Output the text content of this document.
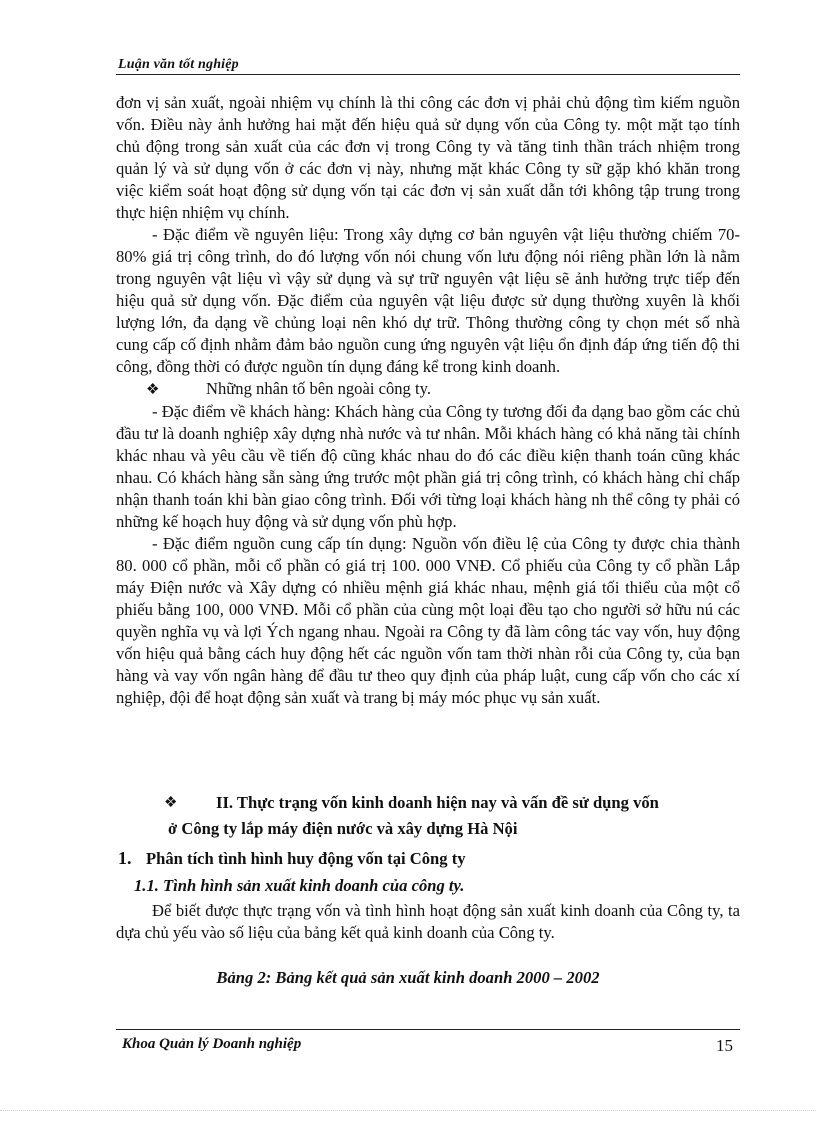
Luận văn tốt nghiệp

đơn vị sản xuất, ngoài nhiệm vụ chính là thi công các đơn vị phải chủ động tìm kiếm nguồn vốn. Điều này ảnh hưởng hai mặt đến hiệu quả sử dụng vốn của Công ty. một mặt tạo tính chủ động trong sản xuất của các đơn vị trong Công ty và tăng tinh thần trách nhiệm trong quản lý và sử dụng vốn ở các đơn vị này, nhưng mặt khác Công ty sữ gặp khó khăn trong việc kiểm soát hoạt động sử dụng vốn tại các đơn vị sản xuất dẫn tới không tập trung trong thực hiện nhiệm vụ chính.

- Đặc điểm về nguyên liệu: Trong xây dựng cơ bản nguyên vật liệu thường chiếm 70-80% giá trị công trình, do đó lượng vốn nói chung vốn lưu động nói riêng phần lớn là nằm trong nguyên vật liệu vì vậy sử dụng và sự trữ nguyên vật liệu sẽ ảnh hưởng trực tiếp đến hiệu quả sử dụng vốn. Đặc điểm của nguyên vật liệu được sử dụng thường xuyên là khối lượng lớn, đa dạng về chủng loại nên khó dự trữ. Thông thường công ty chọn mét số nhà cung cấp cố định nhằm đảm bảo nguồn cung ứng nguyên vật liệu ổn định đáp ứng tiến độ thi công, đồng thời có được nguồn tín dụng đáng kể trong kinh doanh.

❖	Những nhân tố bên ngoài công ty.

- Đặc điểm về khách hàng: Khách hàng của Công ty tương đối đa dạng bao gồm các chủ đầu tư là doanh nghiệp xây dựng nhà nước và tư nhân. Mỗi khách hàng có khả năng tài chính khác nhau và yêu cầu về tiến độ cũng khác nhau do đó các điều kiện thanh toán cũng khác nhau. Có khách hàng sẵn sàng ứng trước một phần giá trị công trình, có khách hàng chỉ chấp nhận thanh toán khi bàn giao công trình. Đối với từng loại khách hàng nh thể công ty phải có những kế hoạch huy động và sử dụng vốn phù hợp.

- Đặc điểm nguồn cung cấp tín dụng: Nguồn vốn điều lệ của Công ty được chia thành 80. 000 cổ phần, mỗi cổ phần có giá trị 100. 000 VNĐ. Cổ phiếu của Công ty cổ phần Lắp máy Điện nước và Xây dựng có nhiều mệnh giá khác nhau, mệnh giá tối thiểu của một cổ phiếu bằng 100, 000 VNĐ. Mỗi cổ phần của cùng một loại đều tạo cho người sở hữu nú các quyền nghĩa vụ và lợi Ých ngang nhau. Ngoài ra Công ty đã làm công tác vay vốn, huy động vốn hiệu quả bằng cách huy động hết các nguồn vốn tam thời nhàn rỗi của Công ty, của bạn hàng và vay vốn ngân hàng để đầu tư theo quy định của pháp luật, cung cấp vốn cho các xí nghiệp, đội để hoạt động sản xuất và trang bị máy móc phục vụ sản xuất.

❖	II. Thực trạng vốn kinh doanh hiện nay và vấn đề sử dụng vốn
ở Công ty lắp máy điện nước và xây dựng Hà Nội
1. Phân tích tình hình huy động vốn tại Công ty
1.1. Tình hình sản xuất kinh doanh của công ty.

Để biết được thực trạng vốn và tình hình hoạt động sản xuất kinh doanh của Công ty, ta dựa chủ yếu vào số liệu của bảng kết quả kinh doanh của Công ty.

Bảng 2: Bảng kết quả sản xuất kinh doanh 2000 – 2002
Khoa Quản lý Doanh nghiệp	15
